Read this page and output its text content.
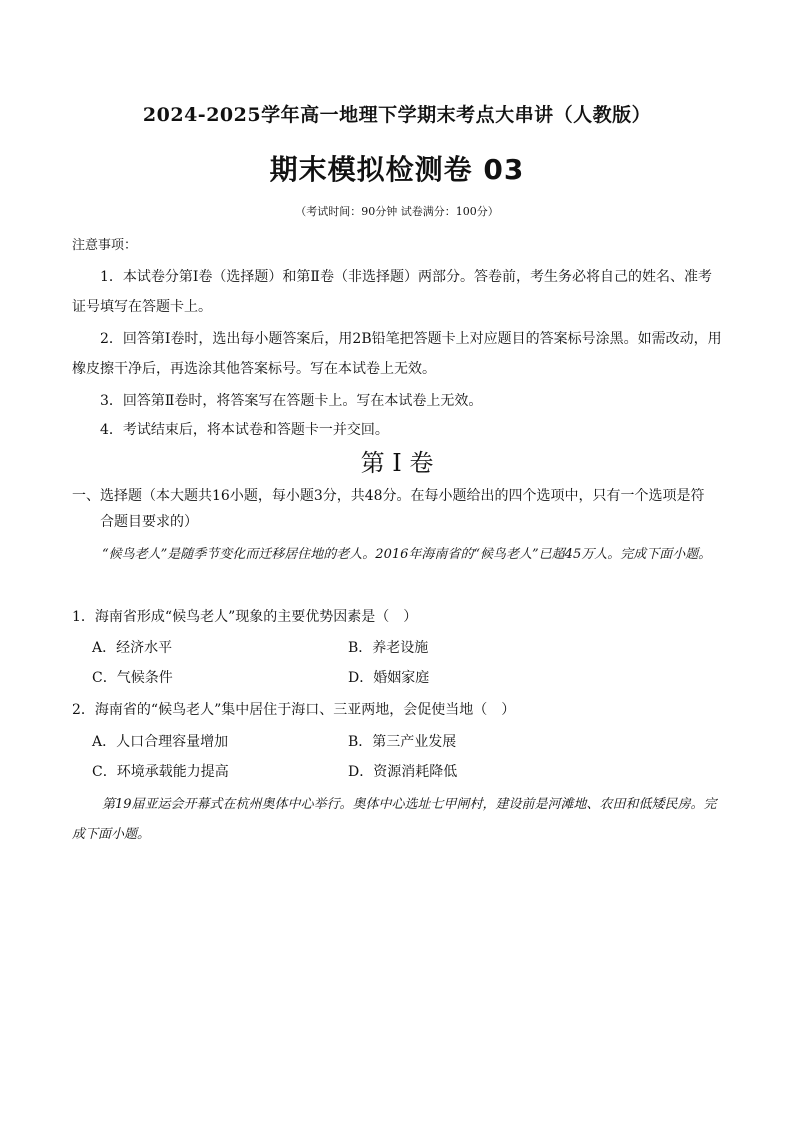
2024-2025学年高一地理下学期末考点大串讲（人教版）
期末模拟检测卷 03
（考试时间：90分钟 试卷满分：100分）
注意事项：

1．本试卷分第Ⅰ卷（选择题）和第Ⅱ卷（非选择题）两部分。答卷前，考生务必将自己的姓名、准考证号填写在答题卡上。

2．回答第Ⅰ卷时，选出每小题答案后，用2B铅笔把答题卡上对应题目的答案标号涂黑。如需改动，用橡皮擦干净后，再选涂其他答案标号。写在本试卷上无效。

3．回答第Ⅱ卷时，将答案写在答题卡上。写在本试卷上无效。

4．考试结束后，将本试卷和答题卡一并交回。

第 I 卷

一、选择题（本大题共16小题，每小题3分，共48分。在每小题给出的四个选项中，只有一个选项是符
合题目要求的）

“候鸟老人”是随季节变化而迁移居住地的老人。2016年海南省的“候鸟老人”已超45万人。完成下面小题。

1．海南省形成“候鸟老人”现象的主要优势因素是（　）
A．经济水平	B．养老设施
C．气候条件	D．婚姻家庭
2．海南省的“候鸟老人”集中居住于海口、三亚两地，会促使当地（　）
A．人口合理容量增加	B．第三产业发展
C．环境承载能力提高	D．资源消耗降低

第19届亚运会开幕式在杭州奥体中心举行。奥体中心选址七甲闸村，建设前是河滩地、农田和低矮民房。完成下面小题。
